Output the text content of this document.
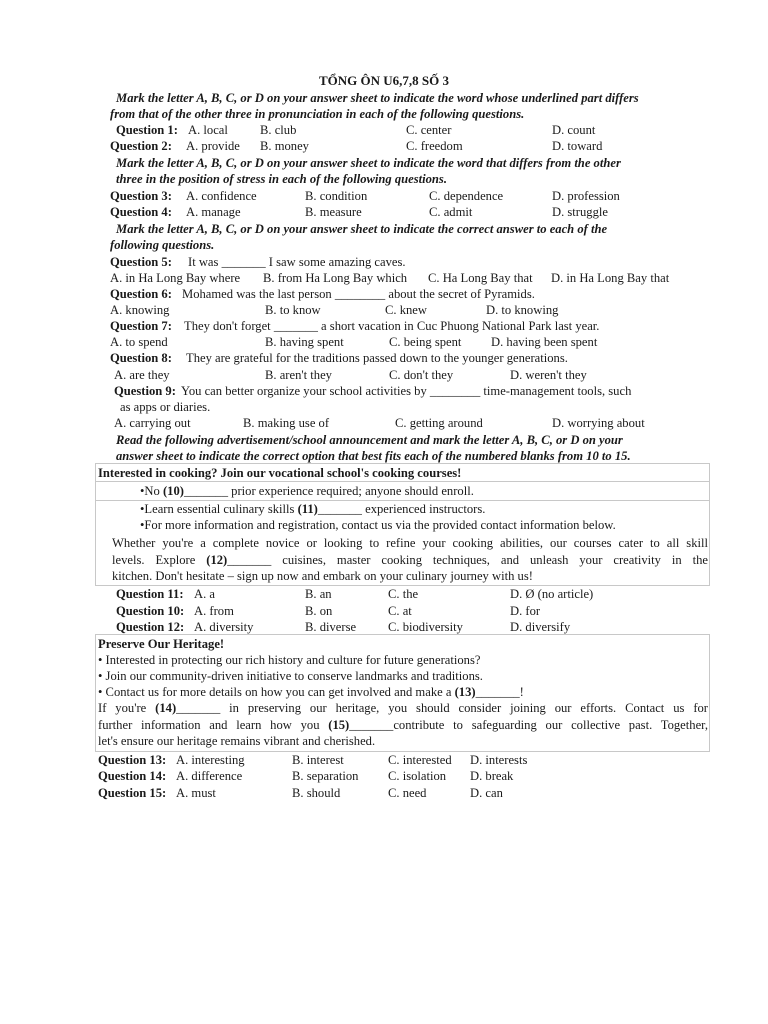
TỔNG ÔN U6,7,8 SỐ 3
Mark the letter A, B, C, or D on your answer sheet to indicate the word whose underlined part differs
from that of the other three in pronunciation in each of the following questions.
Question 1: A. local	B. club	C. center	D. count
Question 2: A. provide B. money	C. freedom	D. toward
Mark the letter A, B, C, or D on your answer sheet to indicate the word that differs from the other
three in the position of stress in each of the following questions.
Question 3: A. confidence	B. condition	C. dependence	D. profession
Question 4: A. manage	B. measure	C. admit	D. struggle
Mark the letter A, B, C, or D on your answer sheet to indicate the correct answer to each of the
following questions.
Question 5: It was _______ I saw some amazing caves.
A. in Ha Long Bay where B. from Ha Long Bay which C. Ha Long Bay that D. in Ha Long Bay that
Question 6: Mohamed was the last person ________ about the secret of Pyramids.
A. knowing	B. to know	C. knew	D. to knowing
Question 7: They don't forget _______ a short vacation in Cuc Phuong National Park last year.
A. to spend	B. having spent	C. being spent D. having been spent
Question 8: They are grateful for the traditions passed down to the younger generations.
A. are they	B. aren't they	C. don't they	D. weren't they
Question 9: You can better organize your school activities by ________ time-management tools, such
as apps or diaries.
A. carrying out	B. making use of	C. getting around	D. worrying about
Read the following advertisement/school announcement and mark the letter A, B, C, or D on your
answer sheet to indicate the correct option that best fits each of the numbered blanks from 10 to 15.
Interested in cooking? Join our vocational school's cooking courses!
•No (10)_______ prior experience required; anyone should enroll.
•Learn essential culinary skills (11)_______ experienced instructors.
•For more information and registration, contact us via the provided contact information below.
Whether you're a complete novice or looking to refine your cooking abilities, our courses cater to all skill
levels. Explore (12)_______ cuisines, master cooking techniques, and unleash your creativity in the
kitchen. Don't hesitate – sign up now and embark on your culinary journey with us!
Question 11: A. a	B. an	C. the	D. Ø (no article)
Question 10: A. from	B. on	C. at	D. for
Question 12: A. diversity	B. diverse	C. biodiversity	D. diversify
Preserve Our Heritage!
• Interested in protecting our rich history and culture for future generations?
• Join our community-driven initiative to conserve landmarks and traditions.
• Contact us for more details on how you can get involved and make a (13)_______!
If you're (14)_______ in preserving our heritage, you should consider joining our efforts. Contact us for
further information and learn how you (15)_______contribute to safeguarding our collective past. Together,
let's ensure our heritage remains vibrant and cherished.
Question 13: A. interesting	B. interest	C. interested D. interests
Question 14: A. difference	B. separation C. isolation D. break
Question 15: A. must	B. should	C. need	D. can
